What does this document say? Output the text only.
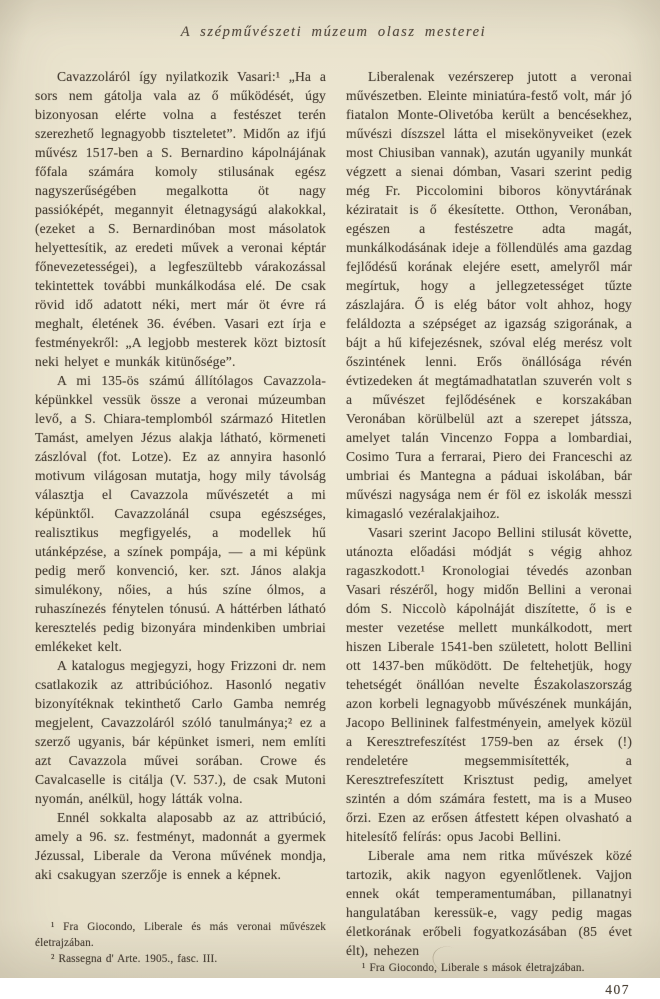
A szépművészeti múzeum olasz mesterei

Cavazzoláról így nyilatkozik Vasari:¹ „Ha a sors nem gátolja vala az ő működését, úgy bizonyosan elérte volna a festészet terén szerezhető legnagyobb tiszteletet”. Midőn az ifjú művész 1517-ben a S. Bernardino kápolnájának főfala számára komoly stilusának egész nagyszerűségében megalkotta öt nagy passióképét, megannyit életnagyságú alakokkal, (ezeket a S. Bernardinóban most másolatok helyettesítik, az eredeti művek a veronai képtár főnevezetességei), a legfeszültebb várakozással tekintettek további munkálkodása elé. De csak rövid idő adatott néki, mert már öt évre rá meghalt, életének 36. évében. Vasari ezt írja e festményekről: „A legjobb mesterek közt biztosít neki helyet e munkák kitünősége”.

A mi 135-ös számú állítólagos Cavazzola-képünkkel vessük össze a veronai múzeumban levő, a S. Chiara-templomból származó Hitetlen Tamást, amelyen Jézus alakja látható, körmeneti zászlóval (fot. Lotze). Ez az annyira hasonló motivum világosan mutatja, hogy mily távolság választja el Cavazzola művészetét a mi képünktől. Cavazzolánál csupa egészséges, realisztikus megfigyelés, a modellek hű utánképzése, a színek pompája, — a mi képünk pedig merő konvenció, ker. szt. János alakja simulékony, nőies, a hús színe ólmos, a ruhaszínezés fénytelen tónusú. A háttérben látható keresztelés pedig bizonyára mindenkiben umbriai emlékeket kelt.

A katalogus megjegyzi, hogy Frizzoni dr. nem csatlakozik az attribúcióhoz. Hasonló negativ bizonyítéknak tekinthető Carlo Gamba nemrég megjelent, Cavazzoláról szóló tanulmánya;² ez a szerző ugyanis, bár képünket ismeri, nem említi azt Cavazzola művei sorában. Crowe és Cavalcaselle is citálja (V. 537.), de csak Mutoni nyomán, anélkül, hogy látták volna.

Ennél sokkalta alaposabb az az attribúció, amely a 96. sz. festményt, madonnát a gyermek Jézussal, Liberale da Verona művének mondja, aki csakugyan szerzője is ennek a képnek.

¹ Fra Giocondo, Liberale és más veronai művészek életrajzában.

² Rassegna d' Arte. 1905., fasc. III.

Liberalenak vezérszerep jutott a veronai művészetben. Eleinte miniatúra-festő volt, már jó fiatalon Monte-Olivetóba került a bencésekhez, művészi díszszel látta el misekönyveiket (ezek most Chiusiban vannak), azután ugyanily munkát végzett a sienai dómban, Vasari szerint pedig még Fr. Piccolomini biboros könyvtárának kéziratait is ő ékesítette. Otthon, Veronában, egészen a festészetre adta magát, munkálkodásának ideje a föllendülés ama gazdag fejlődésű korának elejére esett, amelyről már megírtuk, hogy a jellegzetességet tűzte zászlajára. Ő is elég bátor volt ahhoz, hogy feláldozta a szépséget az igazság szigorának, a bájt a hű kifejezésnek, szóval elég merész volt őszintének lenni. Erős önállósága révén évtizedeken át megtámadhatatlan szuverén volt s a művészet fejlődésének e korszakában Veronában körülbelül azt a szerepet játssza, amelyet talán Vincenzo Foppa a lombardiai, Cosimo Tura a ferrarai, Piero dei Franceschi az umbriai és Mantegna a páduai iskolában, bár művészi nagysága nem ér föl ez iskolák messzi kimagasló vezéralakjaihoz.

Vasari szerint Jacopo Bellini stilusát követte, utánozta előadási módját s végig ahhoz ragaszkodott.¹ Kronologiai tévedés azonban Vasari részéről, hogy midőn Bellini a veronai dóm S. Niccolò kápolnáját diszítette, ő is e mester vezetése mellett munkálkodott, mert hiszen Liberale 1541-ben született, holott Bellini ott 1437-ben működött. De feltehetjük, hogy tehetségét önállóan nevelte Északolaszország azon korbeli legnagyobb művészének munkáján, Jacopo Bellininek falfestményein, amelyek közül a Keresztrefeszítést 1759-ben az érsek (!) rendeletére megsemmisítették, a Keresztrefeszített Krisztust pedig, amelyet szintén a dóm számára festett, ma is a Museo őrzi. Ezen az erősen átfestett képen olvasható a hitelesítő felírás: opus Jacobi Bellini.

Liberale ama nem ritka művészek közé tartozik, akik nagyon egyenlőtlenek. Vajjon ennek okát temperamentumában, pillanatnyi hangulatában keressük-e, vagy pedig magas életkorának erőbeli fogyatkozásában (85 évet élt), nehezen

¹ Fra Giocondo, Liberale s mások életrajzában.

407
